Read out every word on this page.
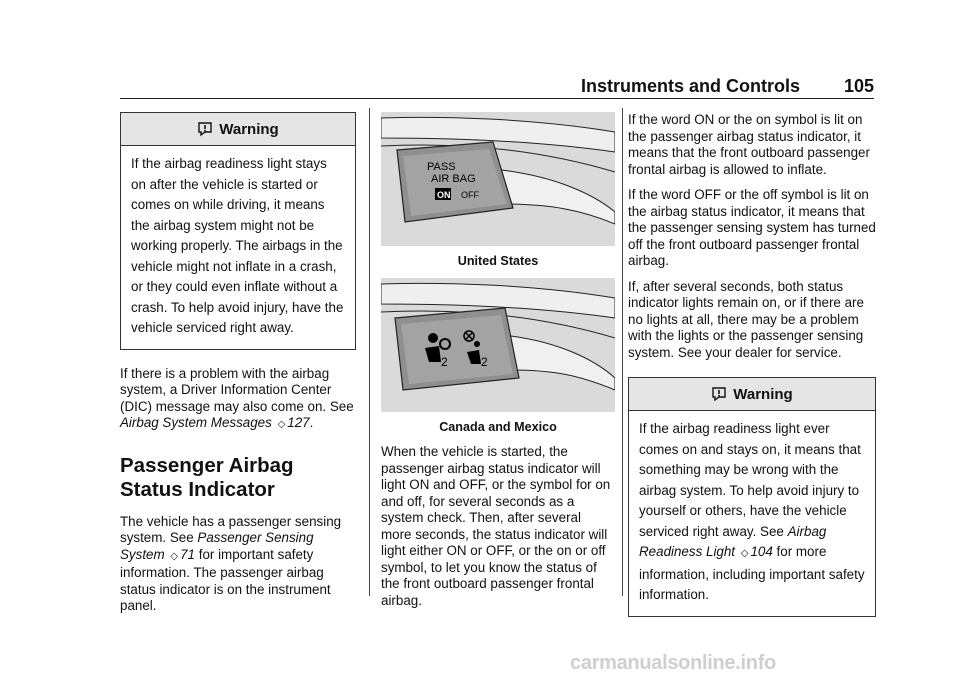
Instruments and Controls 105
Warning
If the airbag readiness light stays on after the vehicle is started or comes on while driving, it means the airbag system might not be working properly. The airbags in the vehicle might not inflate in a crash, or they could even inflate without a crash. To help avoid injury, have the vehicle serviced right away.

If there is a problem with the airbag system, a Driver Information Center (DIC) message may also come on. See Airbag System Messages ◇ 127.

Passenger Airbag Status Indicator

The vehicle has a passenger sensing system. See Passenger Sensing System ◇ 71 for important safety information. The passenger airbag status indicator is on the instrument panel.

PASS
AIR BAG
ON OFF
United States
2	2
Canada and Mexico

When the vehicle is started, the passenger airbag status indicator will light ON and OFF, or the symbol for on and off, for several seconds as a system check. Then, after several more seconds, the status indicator will light either ON or OFF, or the on or off symbol, to let you know the status of the front outboard passenger frontal airbag.

If the word ON or the on symbol is lit on the passenger airbag status indicator, it means that the front outboard passenger frontal airbag is allowed to inflate.

If the word OFF or the off symbol is lit on the airbag status indicator, it means that the passenger sensing system has turned off the front outboard passenger frontal airbag.

If, after several seconds, both status indicator lights remain on, or if there are no lights at all, there may be a problem with the lights or the passenger sensing system. See your dealer for service.

Warning
If the airbag readiness light ever comes on and stays on, it means that something may be wrong with the airbag system. To help avoid injury to yourself or others, have the vehicle serviced right away. See Airbag Readiness Light ◇ 104 for more information, including important safety information.
carmanualsonline.info
